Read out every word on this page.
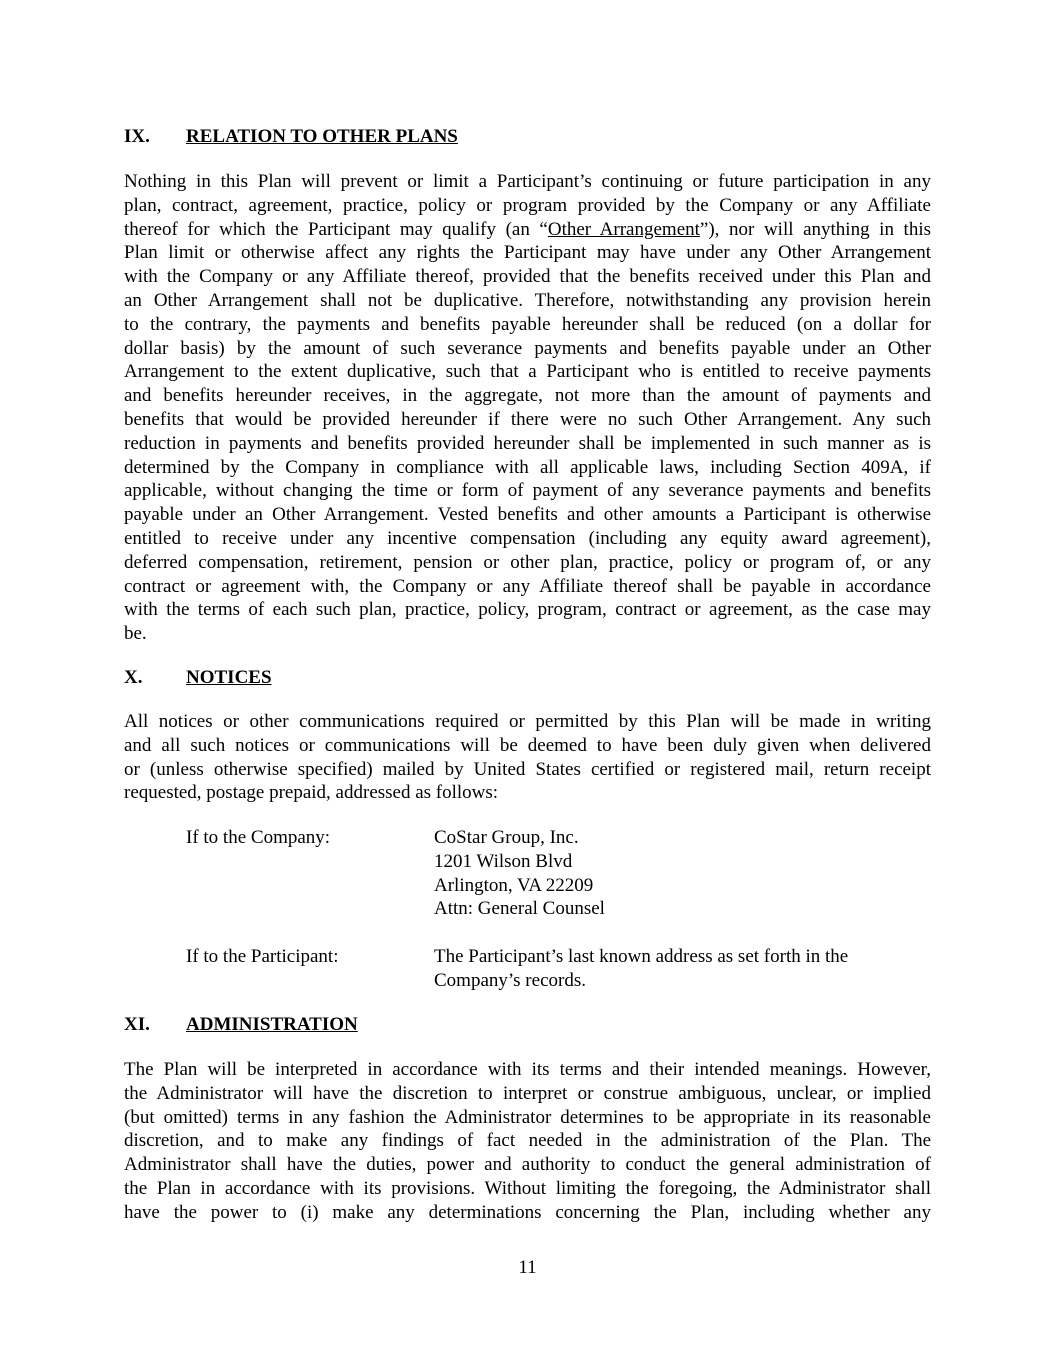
IX. RELATION TO OTHER PLANS
Nothing in this Plan will prevent or limit a Participant’s continuing or future participation in any
plan, contract, agreement, practice, policy or program provided by the Company or any Affiliate
thereof for which the Participant may qualify (an “Other Arrangement”), nor will anything in this
Plan limit or otherwise affect any rights the Participant may have under any Other Arrangement
with the Company or any Affiliate thereof, provided that the benefits received under this Plan and
an Other Arrangement shall not be duplicative. Therefore, notwithstanding any provision herein
to the contrary, the payments and benefits payable hereunder shall be reduced (on a dollar for
dollar basis) by the amount of such severance payments and benefits payable under an Other
Arrangement to the extent duplicative, such that a Participant who is entitled to receive payments
and benefits hereunder receives, in the aggregate, not more than the amount of payments and
benefits that would be provided hereunder if there were no such Other Arrangement. Any such
reduction in payments and benefits provided hereunder shall be implemented in such manner as is
determined by the Company in compliance with all applicable laws, including Section 409A, if
applicable, without changing the time or form of payment of any severance payments and benefits
payable under an Other Arrangement. Vested benefits and other amounts a Participant is otherwise
entitled to receive under any incentive compensation (including any equity award agreement),
deferred compensation, retirement, pension or other plan, practice, policy or program of, or any
contract or agreement with, the Company or any Affiliate thereof shall be payable in accordance
with the terms of each such plan, practice, policy, program, contract or agreement, as the case may
be.
X. NOTICES
All notices or other communications required or permitted by this Plan will be made in writing
and all such notices or communications will be deemed to have been duly given when delivered
or (unless otherwise specified) mailed by United States certified or registered mail, return receipt
requested, postage prepaid, addressed as follows:
If to the Company:	CoStar Group, Inc.
1201 Wilson Blvd
Arlington, VA 22209
Attn: General Counsel
If to the Participant:	The Participant’s last known address as set forth in the
Company’s records.
XI. ADMINISTRATION
The Plan will be interpreted in accordance with its terms and their intended meanings. However,
the Administrator will have the discretion to interpret or construe ambiguous, unclear, or implied
(but omitted) terms in any fashion the Administrator determines to be appropriate in its reasonable
discretion, and to make any findings of fact needed in the administration of the Plan. The
Administrator shall have the duties, power and authority to conduct the general administration of
the Plan in accordance with its provisions. Without limiting the foregoing, the Administrator shall
have the power to (i) make any determinations concerning the Plan, including whether any
11
